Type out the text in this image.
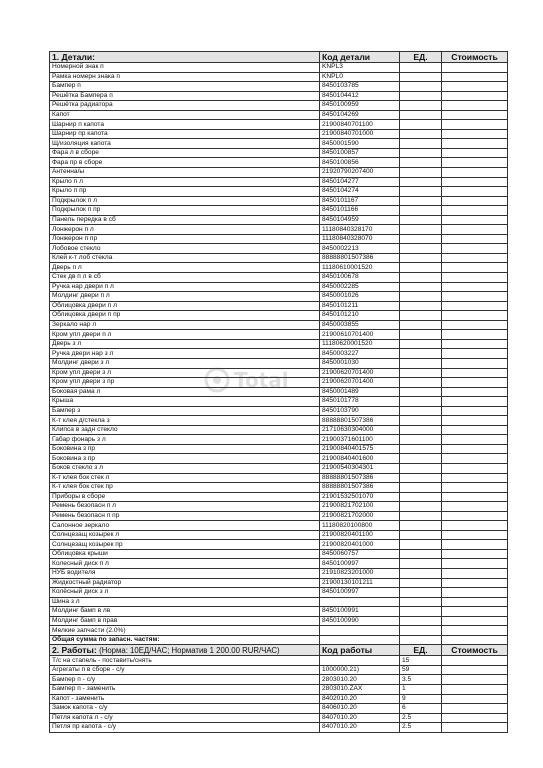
1. Детали:	Код детали	ЕД.	Стоимость
Номерной знак п	KNPL3		
Рамка номерн знака п	KNPL0		
Бампер п	8450103785		
Решётка Бампера п	8450104412		
Решётка радиатора	8450100959		
Капот	8450104269		
Шарнир п капота	21900840701100		
Шарнир пр капота	21900840701000		
Щ/изоляция капота	8450001590		
Фара л в сборе	8450100857		
Фара пр в сборе	8450100856		
Антенна/ы	21920790207400		
Крыло п л	8450104277		
Крыло п пр	8450104274		
Подкрылок п л	8450101167		
Подкрылок п пр	8450101166		
Панель передка в сб	8450104959		
Лонжерон п л	11180840328170		
Лонжерон п пр	11180840328070		
Лобовое стекло	8450002213		
Клей к-т лоб стекла	88888801507386		
Дверь п л	11180610001520		
Стек дв п л в сб	8450100678		
Ручка нар двери п л	8450002285		
Молдинг двери п л	8450001026		
Облицовка двери п л	8450101211		
Облицовка двери п пр	8450101210		
Зеркало нар л	8450003855		
Кром упл двери п л	21900610701400		
Дверь з л	11180620001520		
Ручка двери нар з л	8450003227		
Молдинг двери з л	8450001030		
Кром упл двери з л	21900620701400		
Кром упл двери з пр	21900620701400		
Боковая рама л	8450001489		
Крыша	8450101778		
Бампер з	8450103790		
К-т клея д/стекла з	88888801507386		
Клипса в задн стекло	21710630304000		
Габар фонарь з л	21900371601100		
Боковина з пр	21900840401575		
Боковина з пр	21900840401600		
Боков стекло з л	21900540304301		
К-т клея бок стек л	88888801507386		
К-т клея бок стек пр	88888801507386		
Приборы в сборе	21901532501070		
Ремень безопасн п л	21900821702100		
Ремень безопасн п пр	21900821702000		
Салонное зеркало	11180820100800		
Солнцезащ козырек л	21900820401100		
Солнцезащ козырек пр	21900820401000		
Облицовка крыши	8450060757		
Колесный диск п л	8450100997		
НУБ водителя	21910823201000		
Жидкостный радиатор	21900130101211		
Колёсный диск з л	8450100997		
Шина з л			
Молдинг бамп в лв	8450100991		
Молдинг бамп в прав	8450100990		
Мелкие запчасти (2.0%)			
Общая сумма по запасн. частям:			
2. Работы: (Норма: 10ЕД/ЧАС; Норматив 1 200.00 RUR/ЧАС)	Код работы	ЕД.	Стоимость
Т/с на стапель - поставить/снять		15	
Агрегаты п в сборе - с/у	1000000.21)	59	
Бампер п - с/у	2803010.20	3.5	
Бампер п - заменить	2803010.ZAX	1	
Капот - заменить	8402010.20	9	
Замок капота - с/у	8406010.20	6	
Петля капота л - с/у	8407010.20	2.5	
Петля пр капота - с/у	8407010.20	2.5	
Total
